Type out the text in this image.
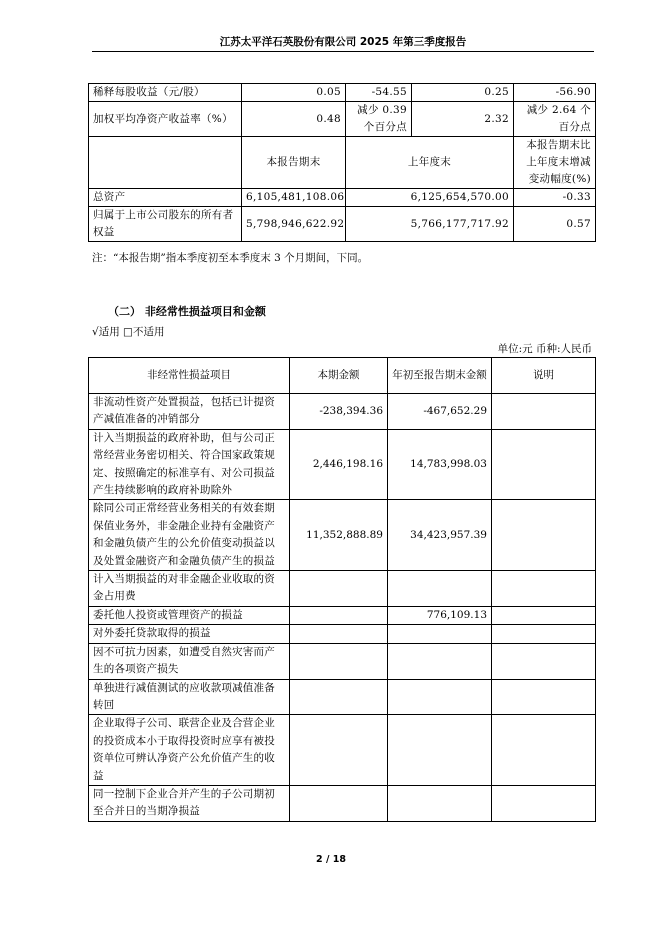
江苏太平洋石英股份有限公司 2025 年第三季度报告
稀释每股收益（元/股）	0.05	-54.55	0.25	-56.90
加权平均净资产收益率（%）	0.48	减少 0.39 个百分点	2.32	减少 2.64 个百分点
	本报告期末	上年度末		本报告期末比上年度末增减变动幅度(%)
总资产	6,105,481,108.06	6,125,654,570.00		-0.33
归属于上市公司股东的所有者权益	5,798,946,622.92	5,766,177,717.92		0.57
注：“本报告期”指本季度初至本季度末 3 个月期间，下同。
（二） 非经常性损益项目和金额
√适用 □不适用
单位:元 币种:人民币
非经常性损益项目	本期金额	年初至报告期末金额	说明
非流动性资产处置损益，包括已计提资产减值准备的冲销部分	-238,394.36	-467,652.29	
计入当期损益的政府补助，但与公司正常经营业务密切相关、符合国家政策规定、按照确定的标准享有、对公司损益产生持续影响的政府补助除外	2,446,198.16	14,783,998.03	
除同公司正常经营业务相关的有效套期保值业务外，非金融企业持有金融资产和金融负债产生的公允价值变动损益以及处置金融资产和金融负债产生的损益	11,352,888.89	34,423,957.39	
计入当期损益的对非金融企业收取的资金占用费			
委托他人投资或管理资产的损益		776,109.13	
对外委托贷款取得的损益			
因不可抗力因素，如遭受自然灾害而产生的各项资产损失			
单独进行减值测试的应收款项减值准备转回			
企业取得子公司、联营企业及合营企业的投资成本小于取得投资时应享有被投资单位可辨认净资产公允价值产生的收益			
同一控制下企业合并产生的子公司期初至合并日的当期净损益			
2 / 18
